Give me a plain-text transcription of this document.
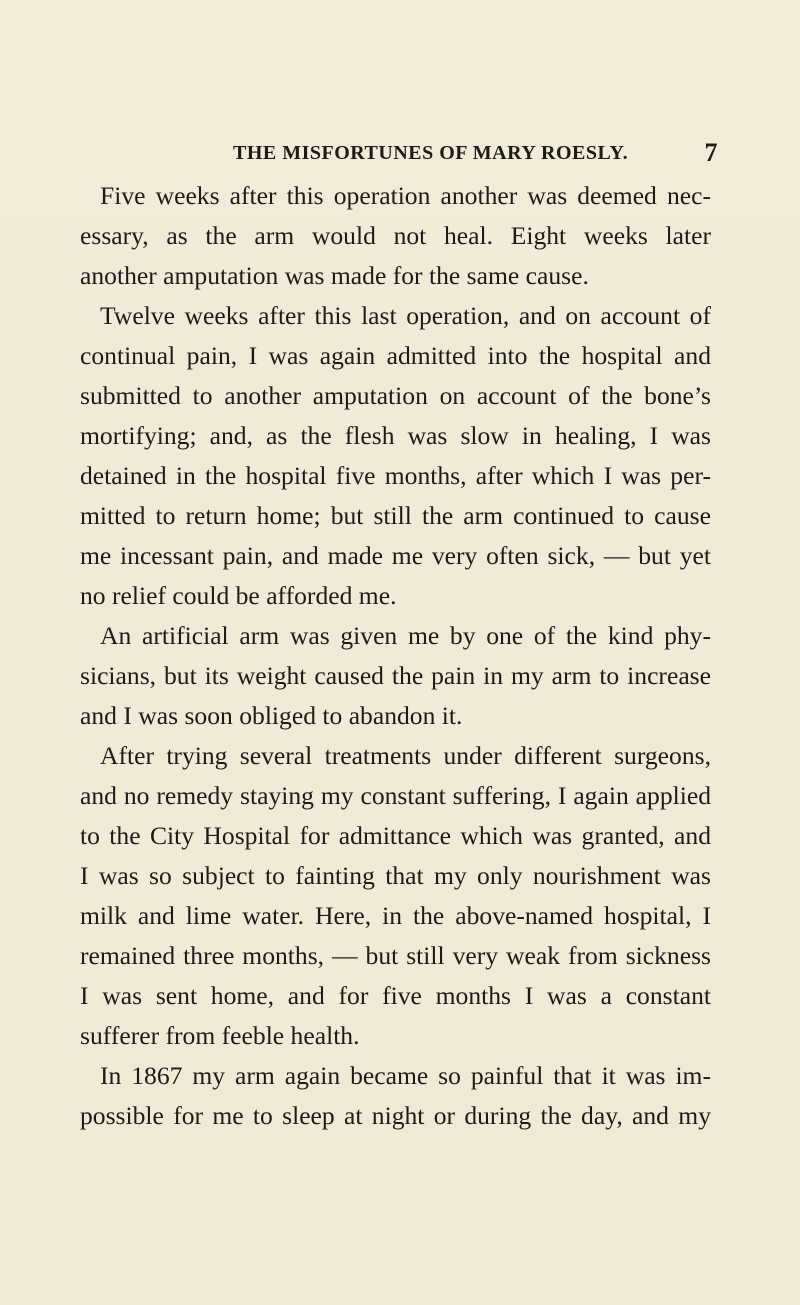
THE MISFORTUNES OF MARY ROESLY.	7
Five weeks after this operation another was deemed nec-
essary, as the arm would not heal. Eight weeks later
another amputation was made for the same cause.
Twelve weeks after this last operation, and on account of
continual pain, I was again admitted into the hospital and
submitted to another amputation on account of the bone’s
mortifying; and, as the flesh was slow in healing, I was
detained in the hospital five months, after which I was per-
mitted to return home; but still the arm continued to cause
me incessant pain, and made me very often sick, — but yet
no relief could be afforded me.
An artificial arm was given me by one of the kind phy-
sicians, but its weight caused the pain in my arm to increase
and I was soon obliged to abandon it.
After trying several treatments under different surgeons,
and no remedy staying my constant suffering, I again applied
to the City Hospital for admittance which was granted, and
I was so subject to fainting that my only nourishment was
milk and lime water. Here, in the above-named hospital, I
remained three months, — but still very weak from sickness
I was sent home, and for five months I was a constant
sufferer from feeble health.
In 1867 my arm again became so painful that it was im-
possible for me to sleep at night or during the day, and my
